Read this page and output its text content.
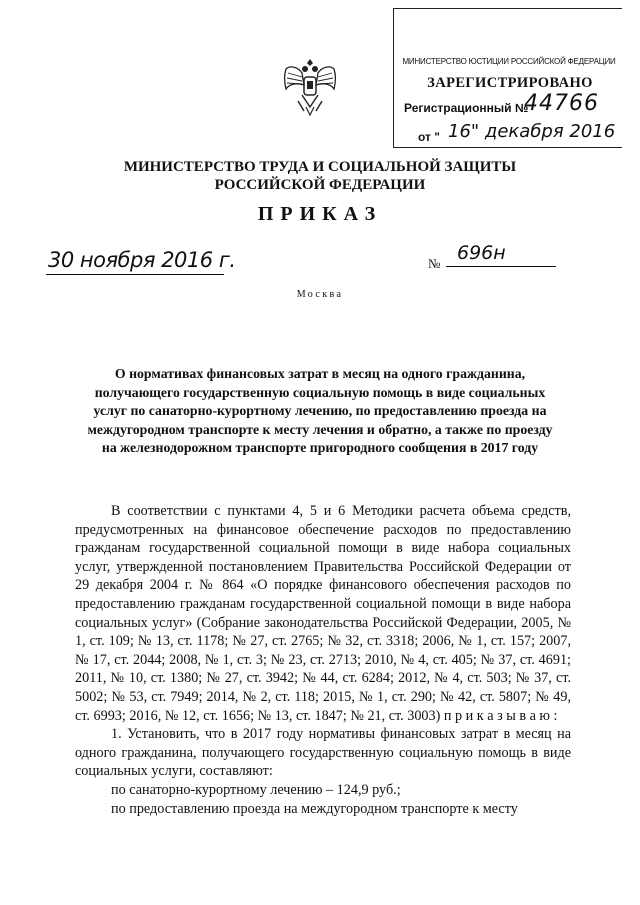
МИНИСТЕРСТВО ЮСТИЦИИ РОССИЙСКОЙ ФЕДЕРАЦИИ
ЗАРЕГИСТРИРОВАНО
Регистрационный №
44766
от " 16" декабря 2016
МИНИСТЕРСТВО ТРУДА И СОЦИАЛЬНОЙ ЗАЩИТЫ
РОССИЙСКОЙ ФЕДЕРАЦИИ
ПРИКАЗ
30 ноября 2016 г.	№ 696н
Москва
О нормативах финансовых затрат в месяц на одного гражданина, получающего государственную социальную помощь в виде социальных услуг по санаторно-курортному лечению, по предоставлению проезда на междугородном транспорте к месту лечения и обратно, а также по проезду на железнодорожном транспорте пригородного сообщения в 2017 году

В соответствии с пунктами 4, 5 и 6 Методики расчета объема средств, предусмотренных на финансовое обеспечение расходов по предоставлению гражданам государственной социальной помощи в виде набора социальных услуг, утвержденной постановлением Правительства Российской Федерации от 29 декабря 2004 г. № 864 «О порядке финансового обеспечения расходов по предоставлению гражданам государственной социальной помощи в виде набора социальных услуг» (Собрание законодательства Российской Федерации, 2005, № 1, ст. 109; № 13, ст. 1178; № 27, ст. 2765; № 32, ст. 3318; 2006, № 1, ст. 157; 2007, № 17, ст. 2044; 2008, № 1, ст. 3; № 23, ст. 2713; 2010, № 4, ст. 405; № 37, ст. 4691; 2011, № 10, ст. 1380; № 27, ст. 3942; № 44, ст. 6284; 2012, № 4, ст. 503; № 37, ст. 5002; № 53, ст. 7949; 2014, № 2, ст. 118; 2015, № 1, ст. 290; № 42, ст. 5807; № 49, ст. 6993; 2016, № 12, ст. 1656; № 13, ст. 1847; № 21, ст. 3003) п р и к а з ы в а ю :

1. Установить, что в 2017 году нормативы финансовых затрат в месяц на одного гражданина, получающего государственную социальную помощь в виде социальных услуги, составляют:

по санаторно-курортному лечению – 124,9 руб.;

по предоставлению проезда на междугородном транспорте к месту
